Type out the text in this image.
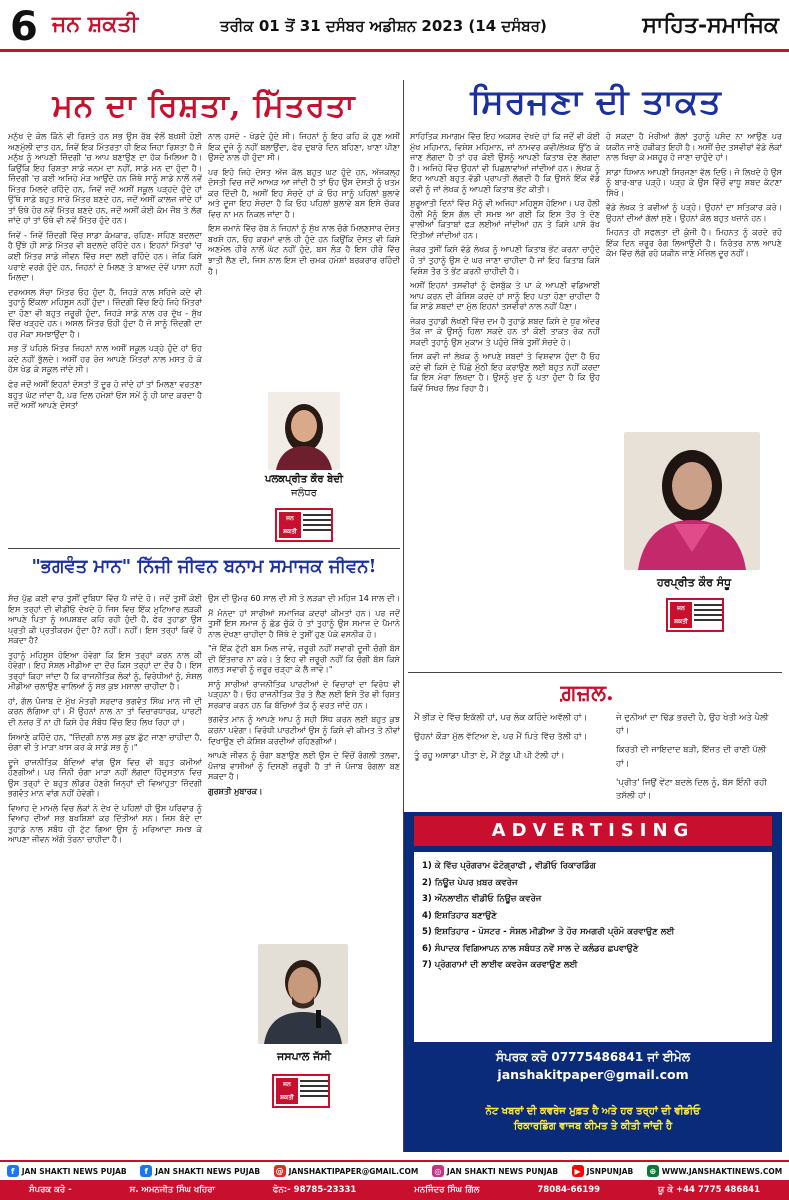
6 ਜਨ ਸ਼ਕਤੀ	ਤਰੀਕ 01 ਤੋਂ 31 ਦਸੰਬਰ ਅਡੀਸ਼ਨ 2023 (14 ਦਸੰਬਰ)	ਸਾਹਿਤ-ਸਮਾਜਿਕ
ਮਨ ਦਾ ਰਿਸ਼ਤਾ, ਮਿੱਤਰਤਾ

ਮਨੁੱਖ ਦੇ ਕੋਲ ਕਿੰਨੇ ਵੀ ਰਿਸ਼ਤੇ ਹਨ ਸਭ ਉਸ ਰੱਬ ਵੱਲੋਂ ਬਖਸ਼ੀ ਹੋਈ ਅਣਮੁੱਲੀ ਦਾਤ ਹਨ, ਜਿਵੇਂ ਇਕ ਮਿੱਤਰਤਾ ਹੀ ਇਕ ਜਿਹਾ ਰਿਸ਼ਤਾ ਹੈ ਜੋ ਮਨੁੱਖ ਨੂੰ ਆਪਣੀ ਜ਼ਿੰਦਗੀ 'ਚ ਆਪ ਬਣਾਉਣ ਦਾ ਹੱਕ ਮਿਲਿਆ ਹੈ। ਕਿਉਂਕਿ ਇਹ ਰਿਸ਼ਤਾ ਸਾਡੇ ਜਨਮ ਦਾ ਨਹੀਂ, ਸਾਡੇ ਮਨ ਦਾ ਹੁੰਦਾ ਹੈ। ਜ਼ਿੰਦਗੀ 'ਚ ਕਈ ਅਜਿਹੇ ਮੋੜ ਆਉਂਦੇ ਹਨ ਜਿੱਥੇ ਸਾਨੂੰ ਸਾਡੇ ਨਾਲੋਂ ਨਵੇਂ ਮਿੱਤਰ ਮਿਲਦੇ ਰਹਿੰਦੇ ਹਨ, ਜਿਵੇਂ ਜਦੋਂ ਅਸੀਂ ਸਕੂਲ ਪੜ੍ਹਦੇ ਹੁੰਦੇ ਹਾਂ ਉੱਥੇ ਸਾਡੇ ਬਹੁਤ ਸਾਰੇ ਮਿੱਤਰ ਬਣਦੇ ਹਨ, ਜਦੋਂ ਅਸੀਂ ਕਾਲਜ ਜਾਂਦੇ ਹਾਂ ਤਾਂ ਓਥੇ ਹੋਰ ਨਵੇਂ ਮਿੱਤਰ ਬਣਦੇ ਹਨ, ਜਦੋਂ ਅਸੀਂ ਕੋਈ ਕੰਮ ਜੌਬ ਤੇ ਲੱਗ ਜਾਂਦੇ ਹਾਂ ਤਾਂ ਓਥੇ ਵੀ ਨਵੇਂ ਮਿੱਤਰ ਹੁੰਦੇ ਹਨ।

ਜਿਵੇਂ - ਜਿਵੇਂ ਜ਼ਿੰਦਗੀ ਵਿੱਚ ਸਾਡਾ ਕੰਮਕਾਰ, ਰਹਿਣ- ਸਹਿਣ ਬਦਲਦਾ ਹੈ ਉਂਝੇ ਹੀ ਸਾਡੇ ਮਿੱਤਰ ਵੀ ਬਦਲਦੇ ਰਹਿੰਦੇ ਹਨ। ਇਹਨਾਂ ਮਿੱਤਰਾਂ 'ਚ ਕਈ ਮਿੱਤਰ ਸਾਡੇ ਜੀਵਨ ਵਿੱਚ ਸਦਾ ਲਈ ਰਹਿੰਦੇ ਹਨ। ਜੇਕਿ ਕਿਸੇ ਪਰਾਏ ਵਰਗੇ ਹੁੰਦੇ ਹਨ, ਜਿਹਨਾਂ ਦੇ ਮਿਲਣ ਤੇ ਬਾਅਦ ਦੋਵੇਂ ਪਾਸਾ ਨਹੀਂ ਮਿਲਦਾ।

ਦਰਅਸਲ ਸੱਚਾ ਮਿੱਤਰ ਓਹ ਹੁੰਦਾ ਹੈ, ਜਿਹੜੇ ਨਾਲ ਸਹਿਜੇ ਕਦੇ ਵੀ ਤੁਹਾਨੂੰ ਇੱਕਲਾ ਮਹਿਸੂਸ ਨਹੀਂ ਹੁੰਦਾ। ਜ਼ਿੰਦਗੀ ਵਿੱਚ ਇਹੋ ਜਿਹੇ ਮਿੱਤਰਾਂ ਦਾ ਹੋਣਾ ਵੀ ਬਹੁਤ ਜ਼ਰੂਰੀ ਹੁੰਦਾ, ਜਿਹੜੇ ਸਾਡੇ ਨਾਲ ਹਰ ਦੁੱਖ - ਸੁੱਖ ਵਿੱਚ ਖੜ੍ਹਦੇ ਹਨ। ਅਸਲ ਮਿੱਤਰ ਓਹੀ ਹੁੰਦਾ ਹੈ ਜੋ ਸਾਨੂੰ ਜ਼ਿੰਦਗੀ ਦਾ ਹਰ ਮੌਕਾ ਸਮਝਾਉਂਦਾ ਹੈ।

ਸਭ ਤੋਂ ਪਹਿਲੇ ਮਿੱਤਰ ਜਿਹਨਾਂ ਨਾਲ ਅਸੀਂ ਸਕੂਲ ਪੜ੍ਹੇ ਹੁੰਦੇ ਹਾਂ ਓਹ ਕਦੇ ਨਹੀਂ ਭੁੱਲਦੇ। ਅਸੀਂ ਹਰ ਰੋਜ਼ ਆਪਣੇ ਮਿੱਤਰਾਂ ਨਾਲ ਮਸਤ ਹੋ ਕੇ ਹੱਸ ਖੇਡ ਕੇ ਸਕੂਲ ਜਾਂਦੇ ਸੀ।

ਫੇਰ ਜਦੋਂ ਅਸੀਂ ਇਹਨਾਂ ਦੋਸਤਾਂ ਤੋਂ ਦੂਰ ਹੋ ਜਾਂਦੇ ਹਾਂ ਤਾਂ ਮਿਲਣਾ ਵਰਤਣਾ ਬਹੁਤ ਘੱਟ ਜਾਂਦਾ ਹੈ, ਪਰ ਦਿਲ ਹਮੇਸ਼ਾਂ ਓਸ ਸਮੇਂ ਨੂੰ ਹੀ ਯਾਦ ਕਰਦਾ ਹੈ ਜਦੋਂ ਅਸੀਂ ਆਪਣੇ ਦੋਸਤਾਂ

ਨਾਲ ਹਸਦੇ - ਖੇਡਦੇ ਹੁੰਦੇ ਸੀ। ਜਿਹਨਾਂ ਨੂੰ ਇਹ ਕਹਿ ਕੇ ਹੁਣ ਅਸੀਂ ਇਕ ਦੂਜੇ ਨੂੰ ਨਹੀਂ ਬਲਾਉਂਦਾ, ਫੇਰ ਦੁਬਾਰੇ ਦਿਨ ਬਹਿਣਾ, ਖਾਣਾ ਪੀਣਾ ਉਸਦੇ ਨਾਲ ਹੀ ਹੁੰਦਾ ਸੀ।

ਪਰ ਇਹੋ ਜਿਹੇ ਦੋਸਤ ਅੱਜ ਕੱਲ ਬਹੁਤ ਘਟ ਹੁੰਦੇ ਹਨ, ਅੱਜਕਲ੍ਹ ਦੋਸਤੀ ਵਿਚ ਜਦੋਂ ਆਅੜ ਆ ਜਾਂਦੀ ਹੈ ਤਾਂ ਓਹ ਉਸ ਦੋਸਤੀ ਨੂੰ ਖਤਮ ਕਰ ਦਿੰਦੀ ਹੈ, ਅਸੀਂ ਇਹ ਸੋਚਦੇ ਹਾਂ ਕੇ ਓਹ ਸਾਨੂੰ ਪਹਿਲਾਂ ਬੁਲਾਵੇ ਅਤੇ ਦੂਜਾ ਇਹ ਸੋਚਦਾ ਹੈ ਕਿ ਓਹ ਪਹਿਲਾਂ ਬੁਲਾਵੇ ਬਸ ਇਸੇ ਚੱਕਰ ਵਿਚ ਨਾ ਮਨ ਨਿਕਲ ਜਾਂਦਾ ਹੈ।

ਇਸ ਜ਼ਮਾਨੇ ਵਿੱਚ ਰੱਬ ਨੇ ਜਿਹਨਾਂ ਨੂੰ ਸੁੱਖ ਨਾਲ ਚੰਗੇ ਮਿਲਣਸਾਰ ਦੋਸਤ ਬਖਸ਼ੇ ਹਨ, ਓਹ ਕਰਮਾਂ ਵਾਲੇ ਹੀ ਹੁੰਦੇ ਹਨ ਕਿਉਂਕਿ ਦੋਸਤ ਵੀ ਕਿਸੇ ਅਣਮੋਲ ਹੀਰੇ ਨਾਲੋਂ ਘੱਟ ਨਹੀਂ ਹੁੰਦੇ, ਬਸ ਲੋੜ ਹੈ ਇਸ ਹੀਰੇ ਵਿੱਚ ਝਾਤੀ ਲੈਣ ਦੀ, ਜਿਸ ਨਾਲ ਇਸ ਦੀ ਚਮਕ ਹਮੇਸ਼ਾਂ ਬਰਕਰਾਰ ਰਹਿੰਦੀ ਹੈ।

ਪਲਕਪ੍ਰੀਤ ਕੌਰ ਬੇਦੀ
ਜਲੰਧਰ
ਜਨ ਸ਼ਕਤੀ
ਸਿਰਜਣਾ ਦੀ ਤਾਕਤ

ਸਾਹਿਤਿਕ ਸਮਾਗਮ ਵਿੱਚ ਇਹ ਅਕਸਰ ਦੇਖਦੇ ਹਾਂ ਕਿ ਜਦੋਂ ਵੀ ਕੋਈ ਮੁੱਖ ਮਹਿਮਾਨ, ਵਿਸ਼ੇਸ਼ ਮਹਿਮਾਨ, ਜਾਂ ਨਾਮਵਰ ਕਵੀ/ਲੇਖਕ ਉੱਠ ਕੇ ਜਾਣ ਲੱਗਦਾ ਹੈ ਤਾਂ ਹਰ ਕੋਈ ਉਸਨੂੰ ਆਪਣੀ ਕਿਤਾਬ ਦੇਣ ਲੱਗਦਾ ਹੈ। ਅਜਿਹੇ ਵਿੱਚ ਉਹਨਾਂ ਵੀ ਪਿਛਲਾਵਾਂਆਂ ਜਾਂਦੀਆਂ ਹਨ। ਲੇਖਕ ਨੂੰ ਇਹ ਆਪਣੀ ਬਹੁਤ ਵੱਡੀ ਪ੍ਰਾਪਤੀ ਲੱਗਦੀ ਹੈ ਕਿ ਉਸਨੇ ਇੱਕ ਵੱਡੇ ਕਵੀ ਨੂੰ ਜਾਂ ਲੇਖਕ ਨੂੰ ਆਪਣੀ ਕਿਤਾਬ ਭੇਂਟ ਕੀਤੀ।

ਸ਼ੁਰੂਆਤੀ ਦਿਨਾਂ ਵਿੱਚ ਮੈਨੂੰ ਵੀ ਅਜਿਹਾ ਮਹਿਸੂਸ ਹੋਇਆ। ਪਰ ਹੌਲੀ ਹੌਲੀ ਮੈਨੂੰ ਇਸ ਗੱਲ ਦੀ ਸਮਝ ਆ ਗਈ ਕਿ ਇਸ ਤੌਰ ਤੇ ਦੇਣ ਵਾਲੀਆਂ ਕਿਤਾਬਾਂ ਫੜ ਲਈਆਂ ਜਾਂਦੀਆਂ ਹਨ ਤੇ ਕਿਸੇ ਪਾਸੇ ਰੱਖ ਦਿੱਤੀਆਂ ਜਾਂਦੀਆਂ ਹਨ।

ਜੇਕਰ ਤੁਸੀਂ ਕਿਸੇ ਵੱਡੇ ਲੇਖਕ ਨੂੰ ਆਪਣੀ ਕਿਤਾਬ ਭੇਂਟ ਕਰਨਾ ਚਾਹੁੰਦੇ ਹੋ ਤਾਂ ਤੁਹਾਨੂੰ ਉਸ ਦੇ ਘਰ ਜਾਣਾ ਚਾਹੀਦਾ ਹੈ ਜਾਂ ਇਹ ਕਿਤਾਬ ਕਿਸੇ ਵਿਸ਼ੇਸ਼ ਤੌਰ ਤੇ ਭੇਂਟ ਕਰਨੀ ਚਾਹੀਦੀ ਹੈ।

ਅਸੀਂ ਇਹਨਾਂ ਤਸਵੀਰਾਂ ਨੂੰ ਫੇਸਬੁੱਕ ਤੇ ਪਾ ਕੇ ਆਪਣੀ ਵਡਿਆਈ ਆਪ ਕਰਨ ਦੀ ਕੋਸ਼ਿਸ਼ ਕਰਦੇ ਹਾਂ ਸਾਨੂੰ ਇਹ ਪਤਾ ਹੋਣਾ ਚਾਹੀਦਾ ਹੈ ਕਿ ਸਾਡੇ ਸ਼ਬਦਾਂ ਦਾ ਮੁੱਲ ਇਹਨਾਂ ਤਸਵੀਰਾਂ ਨਾਲ ਨਹੀਂ ਪੈਣਾ।

ਜੇਕਰ ਤੁਹਾਡੀ ਲੇਖਣੀ ਵਿੱਚ ਦਮ ਹੈ ਤੁਹਾਡੇ ਸ਼ਬਦ ਕਿਸੇ ਦੇ ਧੁਰ ਅੰਦਰ ਤੱਕ ਜਾ ਕੇ ਉਸਨੂੰ ਹਿਲਾ ਸਕਦੇ ਹਨ ਤਾਂ ਕੋਈ ਤਾਕਤ ਰੋਕ ਨਹੀਂ ਸਕਦੀ ਤੁਹਾਨੂੰ ਉਸ ਮੁਕਾਮ ਤੇ ਪਹੁੰਚੇ ਜਿੱਥੇ ਤੁਸੀਂ ਸੋਚਦੇ ਹੋ।

ਜਿਸ ਕਵੀ ਜਾਂ ਲੇਖਕ ਨੂੰ ਆਪਣੇ ਸ਼ਬਦਾਂ ਤੇ ਵਿਸ਼ਵਾਸ ਹੁੰਦਾ ਹੈ ਓਹ ਕਦੇ ਵੀ ਕਿਸੇ ਦੇ ਪਿੱਛੇ ਮੁੱਠੀ ਇਹ ਕਰਾਉਣ ਲਈ ਬਹੁਤ ਨਹੀਂ ਕਰਦਾ ਕਿ ਇਸ ਮੇਰਾ ਲਿਖਦਾ ਹੈ। ਉਸਨੂੰ ਖੁਦ ਨੂੰ ਪਤਾ ਹੁੰਦਾ ਹੈ ਕਿ ਉਹ ਕਿਵੇਂ ਸਿਖਰ ਲਿਖ ਰਿਹਾ ਹੈ।

ਹੋ ਸਕਦਾ ਹੈ ਮੇਰੀਆਂ ਗੱਲਾਂ ਤੁਹਾਨੂੰ ਪਸੰਦ ਨਾ ਆਉਣ ਪਰ ਯਕੀਨ ਜਾਣੋ ਹਕੀਕਤ ਇਹੀ ਹੈ। ਅਸੀਂ ਚੰਦ ਤਸਵੀਰਾਂ ਵੱਡੇ ਲੋਕਾਂ ਨਾਲ ਖਿਚਾ ਕੇ ਮਸ਼ਹੂਰ ਹੋ ਜਾਣਾ ਚਾਹੁੰਦੇ ਹਾਂ।

ਸਾਡਾ ਧਿਆਨ ਆਪਣੀ ਸਿਰਜਣਾ ਵੱਲ ਦਿਓ। ਜੋ ਲਿਖਦੇ ਹੋ ਉਸ ਨੂੰ ਬਾਰ-ਬਾਰ ਪੜ੍ਹੋ। ਪੜ੍ਹ ਕੇ ਉਸ ਵਿੱਚੋਂ ਵਾਧੂ ਸ਼ਬਦ ਕੱਟਣਾ ਸਿੱਖੋ।

ਵੱਡੇ ਲੇਖਕ ਤੇ ਕਵੀਆਂ ਨੂੰ ਪੜ੍ਹੋ। ਉਹਨਾਂ ਦਾ ਸਤਿਕਾਰ ਕਰੋ। ਉਹਨਾਂ ਦੀਆਂ ਗੱਲਾਂ ਸੁਣੋ। ਉਹਨਾਂ ਕੋਲ ਬਹੁਤ ਖਜ਼ਾਨੇ ਹਨ।

ਮਿਹਨਤ ਹੀ ਸਫਲਤਾ ਦੀ ਕੁੰਜੀ ਹੈ। ਮਿਹਨਤ ਨੂੰ ਕਰਦੇ ਰਹੋ ਇੱਕ ਦਿਨ ਜ਼ਰੂਰ ਰੰਗ ਲਿਆਉਂਦੀ ਹੈ। ਨਿਰੰਤਰ ਨਾਲ ਆਪਣੇ ਕੰਮ ਵਿੱਚ ਲੱਗੇ ਰਹੋ ਯਕੀਨ ਜਾਣੋ ਮੰਜ਼ਿਲ ਦੂਰ ਨਹੀਂ।

ਹਰਪ੍ਰੀਤ ਕੌਰ ਸੰਧੂ
ਜਨ ਸ਼ਕਤੀ
"ਭਗਵੰਤ ਮਾਨ" ਨਿੱਜੀ ਜੀਵਨ ਬਨਾਮ ਸਮਾਜਕ ਜੀਵਨ!

ਸੱਚ ਪੁੱਛ ਕਈ ਵਾਰ ਤੁਸੀਂ ਦੁਬਿਧਾ ਵਿੱਚ ਪੈ ਜਾਂਦੇ ਹੋ। ਜਦੋਂ ਤੁਸੀਂ ਕੋਈ ਇਸ ਤਰ੍ਹਾਂ ਦੀ ਵੀਡੀਓ ਦੇਖਦੇ ਹੋ ਜਿਸ ਵਿਚ ਇੱਕ ਮੁਟਿਆਰ ਲੜਕੀ ਆਪਣੇ ਪਿਤਾ ਨੂੰ ਅਪਸ਼ਬਦ ਕਹਿ ਰਹੀ ਹੁੰਦੀ ਹੈ, ਫੇਰ ਤੁਹਾਡਾ ਉਸ ਪ੍ਰਤੀ ਕੀ ਪ੍ਰਤੀਕਰਮ ਹੁੰਦਾ ਹੈ? ਨਹੀਂ। ਨਹੀਂ। ਇਸ ਤਰ੍ਹਾਂ ਕਿਵੇਂ ਹੋ ਸਕਦਾ ਹੈ?

ਤੁਹਾਨੂੰ ਮਹਿਸੂਸ ਹੋਇਆ ਹੋਵੇਗਾ ਕਿ ਇਸ ਤਰ੍ਹਾਂ ਕਰਨ ਨਾਲ ਕੀ ਹੋਵੇਗਾ। ਇਹ ਸੋਸ਼ਲ ਮੀਡੀਆ ਦਾ ਦੌਰ ਕਿਸ ਤਰ੍ਹਾਂ ਦਾ ਦੌਰ ਹੈ। ਇਸ ਤਰ੍ਹਾਂ ਕਿਹਾ ਜਾਂਦਾ ਹੈ ਕਿ ਰਾਜਨੀਤਿਕ ਲੋਕਾਂ ਨੂੰ, ਵਿਰੋਧੀਆਂ ਨੂੰ, ਸੋਸ਼ਲ ਮੀਡੀਆ ਚਲਾਉਣ ਵਾਲਿਆਂ ਨੂੰ ਸਭ ਕੁਝ ਮਸਾਲਾ ਚਾਹੀਦਾ ਹੈ।

ਹਾਂ, ਗੱਲ ਪੰਜਾਬ ਦੇ ਮੁੱਖ ਮੰਤਰੀ ਸਰਦਾਰ ਭਗਵੰਤ ਸਿੰਘ ਮਾਨ ਜੀ ਦੀ ਕਰਨ ਲੱਗਿਆ ਹਾਂ। ਮੈਂ ਉਹਨਾਂ ਨਾਲ ਨਾ ਤਾਂ ਵਿਚਾਰਧਾਰਕ, ਪਾਰਟੀ ਦੀ ਨਜ਼ਰ ਤੋਂ ਨਾ ਹੀ ਕਿਸੇ ਹੋਰ ਸੰਬੰਧ ਵਿੱਚ ਇਹ ਲਿਖ ਰਿਹਾ ਹਾਂ।

ਸਿਆਣੇ ਕਹਿੰਦੇ ਹਨ, "ਜ਼ਿੰਦਗੀ ਨਾਲ ਸਭ ਕੁਝ ਛੁੱਟ ਜਾਣਾ ਚਾਹੀਦਾ ਹੈ, ਚੰਗਾ ਵੀ ਤੇ ਮਾੜਾ ਖਾਸ ਕਰ ਕੇ ਸਾਡੇ ਸਭ ਨੂੰ।"

ਦੂਜੇ ਰਾਜਨੀਤਿਕ ਬੰਦਿਆਂ ਵਾਂਗ ਉਸ ਵਿਚ ਵੀ ਬਹੁਤ ਕਮੀਆਂ ਹੋਣਗੀਆਂ। ਪਰ ਜਿੰਨੀ ਚੰਗਾ ਮਾੜਾ ਨਹੀਂ ਲੱਗਦਾ ਹਿੰਦੁਸਤਾਨ ਵਿਚ ਉਸ ਤਰ੍ਹਾਂ ਦੇ ਬਹੁਤ ਲੀਡਰ ਹੋਣਗੇ ਜਿਨ੍ਹਾਂ ਦੀ ਵਿਆਹੁਤਾ ਜ਼ਿੰਦਗੀ ਭਗਵੰਤ ਮਾਨ ਵਾਂਗ ਨਹੀਂ ਹੋਵੇਗੀ।

ਵਿਆਹ ਦੇ ਮਾਮਲੇ ਵਿਚ ਲੋਕਾਂ ਨੇ ਦੇਖ ਦੇ ਪਹਿਲਾਂ ਹੀ ਉਸ ਪਰਿਵਾਰ ਨੂੰ ਵਿਆਹ ਦੀਆਂ ਸਭ ਬਖਸ਼ਿਸ਼ਾਂ ਕਰ ਦਿੱਤੀਆਂ ਸਨ। ਜਿਸ ਬੰਦੇ ਦਾ ਤੁਹਾਡੇ ਨਾਲ ਸਬੰਧ ਹੀ ਟੁੱਟ ਗਿਆ ਉਸ ਨੂੰ ਮਰਿਆਦਾ ਸਮਝ ਕੇ ਆਪਣਾ ਜੀਵਨ ਅੱਗੇ ਤੋਰਨਾ ਚਾਹੀਦਾ ਹੈ।

ਉਸ ਦੀ ਉਮਰ 60 ਸਾਲ ਦੀ ਸੀ ਤੇ ਲੜਕਾ ਦੀ ਮਹਿਜ 14 ਸਾਲ ਦੀ।

ਮੈਂ ਮੰਨਦਾ ਹਾਂ ਸਾਰੀਆਂ ਸਮਾਜਿਕ ਕਦਰਾਂ ਕੀਮਤਾਂ ਹਨ। ਪਰ ਜਦੋਂ ਤੁਸੀਂ ਇਸ ਸਮਾਜ ਨੂੰ ਛੱਡ ਚੁੱਕੇ ਹੋ ਤਾਂ ਤੁਹਾਨੂੰ ਉਸ ਸਮਾਜ ਦੇ ਪੈਮਾਨੇ ਨਾਲ ਦੇਖਣਾ ਚਾਹੀਦਾ ਹੈ ਜਿੱਥੇ ਦੇ ਤੁਸੀਂ ਹੁਣ ਪੱਕੇ ਵਸਨੀਕ ਹੋ।

"ਜੇ ਇੱਕ ਟੁੱਟੀ ਬਸ ਮਿਲ ਜਾਵੇ, ਜ਼ਰੂਰੀ ਨਹੀਂ ਸਵਾਰੀ ਦੂਜੀ ਚੰਗੀ ਬੱਸ ਦੀ ਇੰਤਜ਼ਾਰ ਨਾ ਕਰੇ। ਤੇ ਇਹ ਵੀ ਜ਼ਰੂਰੀ ਨਹੀਂ ਕਿ ਚੰਗੀ ਬੱਸ ਕਿਸੇ ਗਲਤ ਸਵਾਰੀ ਨੂੰ ਜ਼ਰੂਰ ਚੜ੍ਹਾ ਕੇ ਲੈ ਜਾਵੇ।"

ਸਾਨੂੰ ਸਾਰੀਆਂ ਰਾਜਨੀਤਿਕ ਪਾਰਟੀਆਂ ਦੇ ਵਿਚਾਰਾਂ ਦਾ ਵਿਰੋਧ ਵੀ ਪੜ੍ਹਨਾ ਹੈ। ਓਹ ਰਾਜਨੀਤਿਕ ਤੌਰ ਤੇ ਲੈਣ ਲਈ ਇਸੇ ਤੌਰ ਵੀ ਰਿਸ਼ਤ ਸਰਕਾਰ ਕਰਨ ਹਨ ਕਿ ਬੱਚਿਆਂ ਤੱਕ ਨੂੰ ਵਰਤ ਜਾਂਦੇ ਹਨ।

ਭਗਵੰਤ ਮਾਨ ਨੂੰ ਆਪਣੇ ਆਪ ਨੂੰ ਸਹੀ ਸਿੱਧ ਕਰਨ ਲਈ ਬਹੁਤ ਕੁਝ ਕਰਨਾ ਪਵੇਗਾ। ਵਿਰੋਧੀ ਪਾਰਟੀਆਂ ਉਸ ਨੂੰ ਕਿਸੇ ਵੀ ਕੀਮਤ ਤੇ ਨੀਵਾਂ ਦਿਖਾਉਣ ਦੀ ਕੋਸ਼ਿਸ਼ ਕਰਦੀਆਂ ਰਹਿਣਗੀਆਂ।

ਆਪਣੇ ਜੀਵਨ ਨੂੰ ਚੰਗਾ ਬਣਾਉਣ ਲਈ ਉਸ ਦੇ ਵਿੱਚੋਂ ਰੰਗਲੀ ਤਲਵਾ, ਪੰਜਾਬ ਵਾਸੀਆਂ ਨੂੰ ਦਿਸਣੀ ਜ਼ਰੂਰੀ ਹੈ ਤਾਂ ਜੋ ਪੰਜਾਬ ਰੰਗਲਾ ਬਣ ਸਕਦਾ ਹੈ।

ਗੁਰਸ਼ਤੀ ਮੁਬਾਰਕ।

ਜਸਪਾਲ ਜੱਸੀ
ਜਨ ਸ਼ਕਤੀ
ਗ਼ਜ਼ਲ.

ਮੈਂ ਭੀੜ ਦੇ ਵਿੱਚ ਇਕੱਲੀ ਹਾਂ, ਪਰ ਲੋਕ ਕਹਿੰਦੇ ਅਵੱਲੀ ਹਾਂ।

ਉਹਨਾਂ ਕੌੜਾ ਮੁੱਲ ਵੱਟਿਆ ਏ, ਪਰ ਮੈਂ ਪਿਤੇ ਵਿੱਚ ਤੱਲੀ ਹਾਂ।

ਤੂੰ ਰਹੂ ਅਸਾਡਾ ਪੀਤਾ ਏ, ਮੈਂ ਟੱਕੂ ਪੀ ਪੀ ਟੱਲੀ ਹਾਂ।

ਜੇ ਦੁਨੀਆਂ ਦਾ ਢਿੱਡ ਭਰਦੀ ਹੈ, ਉਹ ਖੇਤੀ ਅਤੇ ਪੈਲੀ ਹਾਂ।

ਕਿਰਤੀ ਦੀ ਜਾਇਦਾਦ ਬੜੀ, ਇੱਜ਼ਤ ਦੀ ਰਾਣੀ ਪੱਲੀ ਹਾਂ।

'ਪ੍ਰੀਤ' ਜਿਉਂ ਵੇਂਟਾ ਬਦਲੇ ਦਿਲ ਨੂੰ, ਬੱਸ ਇੰਨੀ ਰਹੀ ਤਸੱਲੀ ਹਾਂ।

ADVERTISING
1) ਕੇ ਵਿੱਚ ਪ੍ਰੋਗਰਾਮ ਫੋਟੋਗ੍ਰਾਫੀ , ਵੀਡੀਓ ਰਿਕਾਰਡਿੰਗ
2) ਨਿਊਜ਼ ਪੇਪਰ ਖ਼ਬਰ ਕਵਰੇਜ
3) ਔਨਲਾਈਨ ਵੀਡੀਓ ਨਿਊਜ਼ ਕਵਰੇਜ
4) ਇਸ਼ਤਿਹਾਰ ਬਣਾਉਣੇ
5) ਇਸ਼ਤਿਹਾਰ - ਪੋਸਟਰ - ਸੋਸ਼ਲ ਮੀਡੀਆ ਤੇ ਹੋਰ ਸਮਗਰੀ ਪ੍ਰੋਮੋ ਕਰਵਾਉਣ ਲਈ
6) ਸੰਪਾਦਕ ਵਿਗਿਆਪਨ ਨਾਲ ਸਬੰਧਤ ਨਵੇਂ ਸਾਲ ਦੇ ਕਲੰਡਰ ਛਪਵਾਉਣੇ
7) ਪ੍ਰੋਗਰਾਮਾਂ ਦੀ ਲਾਈਵ ਕਵਰੇਜ ਕਰਵਾਉਣ ਲਈ
ਸੰਪਰਕ ਕਰੋ 07775486841 ਜਾਂ ਈਮੇਲ
janshakitpaper@gmail.com
ਨੋਟ ਖਬਰਾਂ ਦੀ ਕਵਰੇਜ ਮੁਫ਼ਤ ਹੈ ਅਤੇ ਹਰ ਤਰ੍ਹਾਂ ਦੀ ਵੀਡੀਓ
ਰਿਕਾਰਡਿੰਗ ਵਾਜਬ ਕੀਮਤ ਤੇ ਕੀਤੀ ਜਾਂਦੀ ਹੈ
f JAN SHAKTI NEWS PUJAB	f JAN SHAKTI NEWS PUJAB @ JANSHAKTIPAPER@GMAIL.COM	◎ JAN SHAKTI NEWS PUNJAB	▶ JSNPUNJAB	⊕ WWW.JANSHAKTINEWS.COM
ਸੰਪਰਕ ਕਰੋ -	ਸ. ਅਮਨਜੀਤ ਸਿੰਘ ਖਹਿਰਾ	ਫੋਨ:- 98785-23331	ਮਨਜਿੰਦਰ ਸਿੰਘ ਗਿੱਲ	78084-66199	ਯੂ ਕੇ +44 7775 486841
